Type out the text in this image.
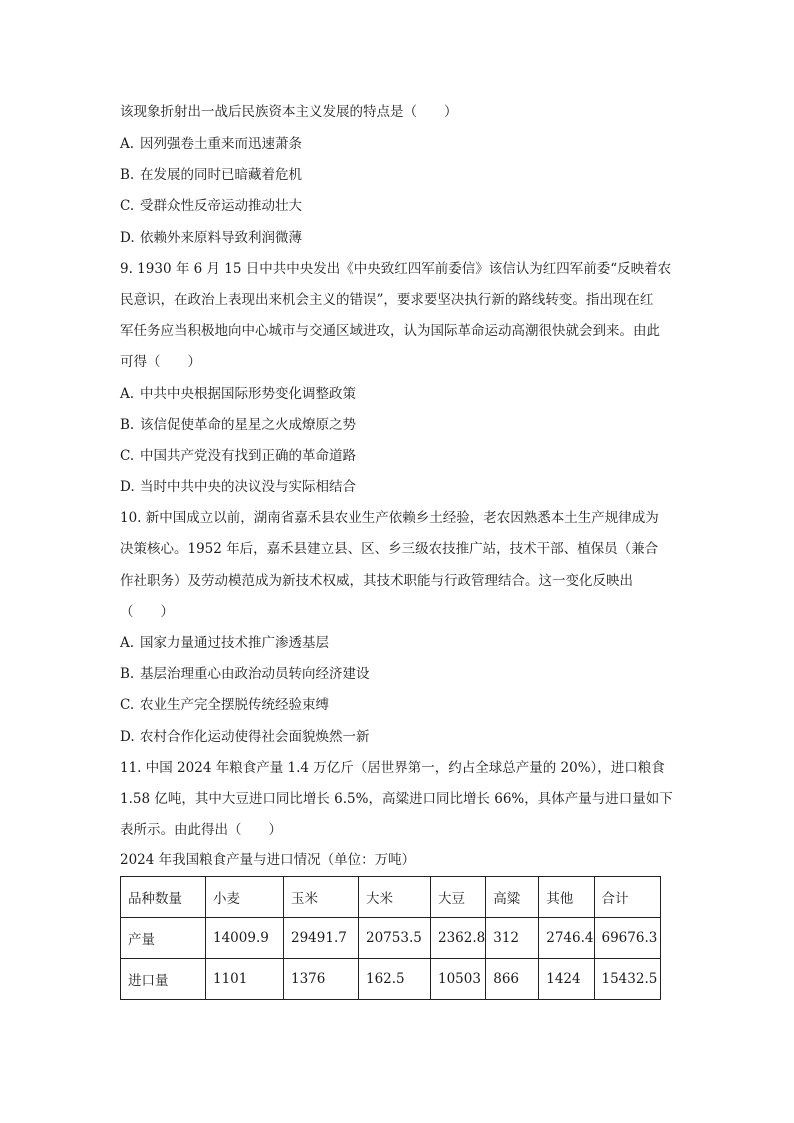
该现象折射出一战后民族资本主义发展的特点是（　　）
A. 因列强卷土重来而迅速萧条
B. 在发展的同时已暗藏着危机
C. 受群众性反帝运动推动壮大
D. 依赖外来原料导致利润微薄
9. 1930 年 6 月 15 日中共中央发出《中央致红四军前委信》该信认为红四军前委“反映着农
民意识，在政治上表现出来机会主义的错误”，要求要坚决执行新的路线转变。指出现在红
军任务应当积极地向中心城市与交通区域进攻，认为国际革命运动高潮很快就会到来。由此
可得（　　）
A. 中共中央根据国际形势变化调整政策
B. 该信促使革命的星星之火成燎原之势
C. 中国共产党没有找到正确的革命道路
D. 当时中共中央的决议没与实际相结合
10. 新中国成立以前，湖南省嘉禾县农业生产依赖乡土经验，老农因熟悉本土生产规律成为
决策核心。1952 年后，嘉禾县建立县、区、乡三级农技推广站，技术干部、植保员（兼合
作社职务）及劳动模范成为新技术权威，其技术职能与行政管理结合。这一变化反映出
（　　）
A. 国家力量通过技术推广渗透基层
B. 基层治理重心由政治动员转向经济建设
C. 农业生产完全摆脱传统经验束缚
D. 农村合作化运动使得社会面貌焕然一新
11. 中国 2024 年粮食产量 1.4 万亿斤（居世界第一，约占全球总产量的 20%），进口粮食
1.58 亿吨，其中大豆进口同比增长 6.5%，高粱进口同比增长 66%，具体产量与进口量如下
表所示。由此得出（　　）
2024 年我国粮食产量与进口情况（单位：万吨）
品种数量	小麦	玉米	大米	大豆	高粱	其他	合计
产量	14009.9	29491.7	20753.5	2362.8	312	2746.4	69676.3
进口量	1101	1376	162.5	10503	866	1424	15432.5
